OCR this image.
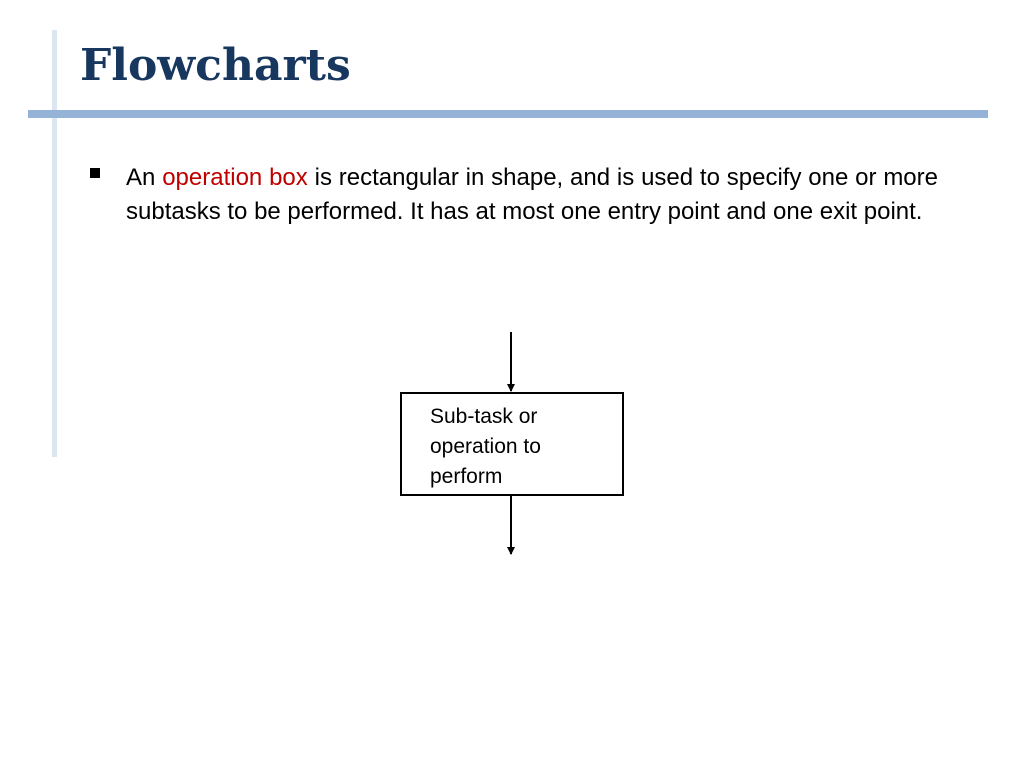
Flowcharts

An operation box is rectangular in shape, and is used to specify one or more subtasks to be performed. It has at most one entry point and one exit point.

Sub-task or operation to perform
